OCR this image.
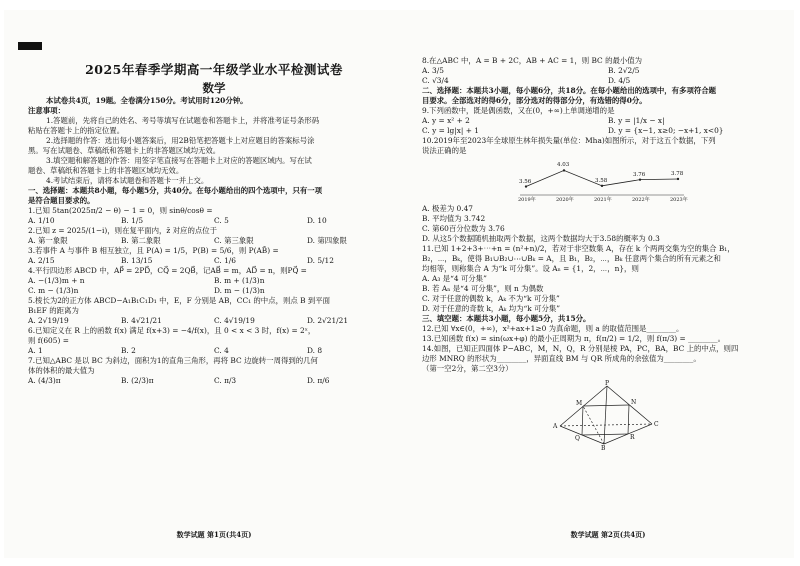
2025年春季学期高一年级学业水平检测试卷
数学

本试卷共4页，19题。全卷满分150分。考试用时120分钟。

注意事项：

1.答题前，先将自己的姓名、考号等填写在试题卷和答题卡上，并将准考证号条形码

粘贴在答题卡上的指定位置。

2.选择题的作答：选出每小题答案后，用2B铅笔把答题卡上对应题目的答案标号涂

黑。写在试题卷、草稿纸和答题卡上的非答题区域均无效。

3.填空题和解答题的作答：用签字笔直接写在答题卡上对应的答题区域内。写在试

题卷、草稿纸和答题卡上的非答题区域均无效。

4.考试结束后，请将本试题卷和答题卡一并上交。

一、选择题：本题共8小题，每小题5分，共40分。在每小题给出的四个选项中，只有一项

是符合题目要求的。

1.已知 5tan(2025π/2 − θ) − 1 = 0，则 sinθ/cosθ =

A. 1/10	B. 1/5	C. 5	D. 10

2.已知 z = 2025/(1−i)，则在复平面内，z̄ 对应的点位于

A. 第一象限	B. 第二象限	C. 第三象限	D. 第四象限

3.若事件 A 与事件 B 相互独立，且 P(A) = 1/5，P(B) = 5/6，则 P(AB̄) =

A. 2/15	B. 13/15	C. 1/6	D. 5/12

4.平行四边形 ABCD 中，AP⃗ = 2PD⃗，CQ⃗ = 2QB⃗，记AB⃗ = m，AD⃗ = n，则PQ⃗ =

A. −(1/3)m + n	B. m + (1/3)n
C. m − (1/3)n	D. m − (1/3)n

5.棱长为2的正方体 ABCD−A₁B₁C₁D₁ 中，E，F 分别是 AB，CC₁ 的中点，则点 B 到平面

B₁EF 的距离为

A. 2√19/19	B. 4√21/21	C. 4√19/19	D. 2√21/21

6.已知定义在 R 上的函数 f(x) 满足 f(x+3) = −4/f(x)，且 0 < x < 3 时，f(x) = 2ˣ，

则 f(605) =

A. 1	B. 2	C. 4	D. 8

7.已知△ABC 是以 BC 为斜边，面积为1的直角三角形，再将 BC 边旋转一周得到的几何

体的体积的最大值为

A. (4/3)π	B. (2/3)π	C. π/3	D. π/6
数学试题 第1页(共4页)

8.在△ABC 中，A = B + 2C，AB + AC = 1，则 BC 的最小值为

A. 3/5	B. 2√2/5
C. √3/4	D. 4/5

二、选择题：本题共3小题，每小题6分，共18分。在每小题给出的选项中，有多项符合题

目要求。全部选对的得6分，部分选对的得部分分，有选错的得0分。

9.下列函数中，既是偶函数，又在(0，+∞)上单调递增的是

A. y = x² + 2	B. y = |1/x − x|
C. y = lg|x| + 1	D. y = {x−1, x≥0; −x+1, x<0}

10.2019年至2023年全球原生林年损失量(单位：Mha)如图所示，对于这五个数据，下列

说法正确的是

3.56
2019年
4.03
2020年
3.58
2021年
3.76
2022年
3.78
2023年

A. 极差为 0.47

B. 平均值为 3.742

C. 第60百分位数为 3.76

D. 从这5个数据随机抽取两个数据，这两个数据均大于3.58的概率为 0.3

11.已知 1+2+3+⋯+n = (n²+n)/2，若对于非空数集 A，存在 k 个两两交集为空的集合 B₁，

B₂，⋯，Bₖ，使得 B₁∪B₂∪⋯∪Bₖ = A，且 B₁，B₂，⋯，Bₖ 任意两个集合的所有元素之和

均相等，则称集合 A 为“k 可分集”。设 Aₙ = {1，2，⋯，n}，则

A. A₃ 是“4 可分集”

B. 若 Aₙ 是“4 可分集”，则 n 为偶数

C. 对于任意的偶数 k，Aₖ 不为“k 可分集”

D. 对于任意的奇数 k，Aₖ 均为“k 可分集”

三、填空题：本题共3小题，每小题5分，共15分。

12.已知 ∀x∈(0，+∞)，x²+ax+1≥0 为真命题，则 a 的取值范围是________。

13.已知函数 f(x) = sin(ωx+φ) 的最小正周期为 π，f(π/2) = 1/2，则 f(π/3) = ________。

14.如图，已知正四面体 P−ABC，M，N，Q，R 分别是棱 PA，PC，BA，BC 上的中点，则四

边形 MNRQ 的形状为________，异面直线 BM 与 QR 所成角的余弦值为________。

（第一空2分，第二空3分）

P
A
B
C
M	N
Q	R
数学试题 第2页(共4页)
